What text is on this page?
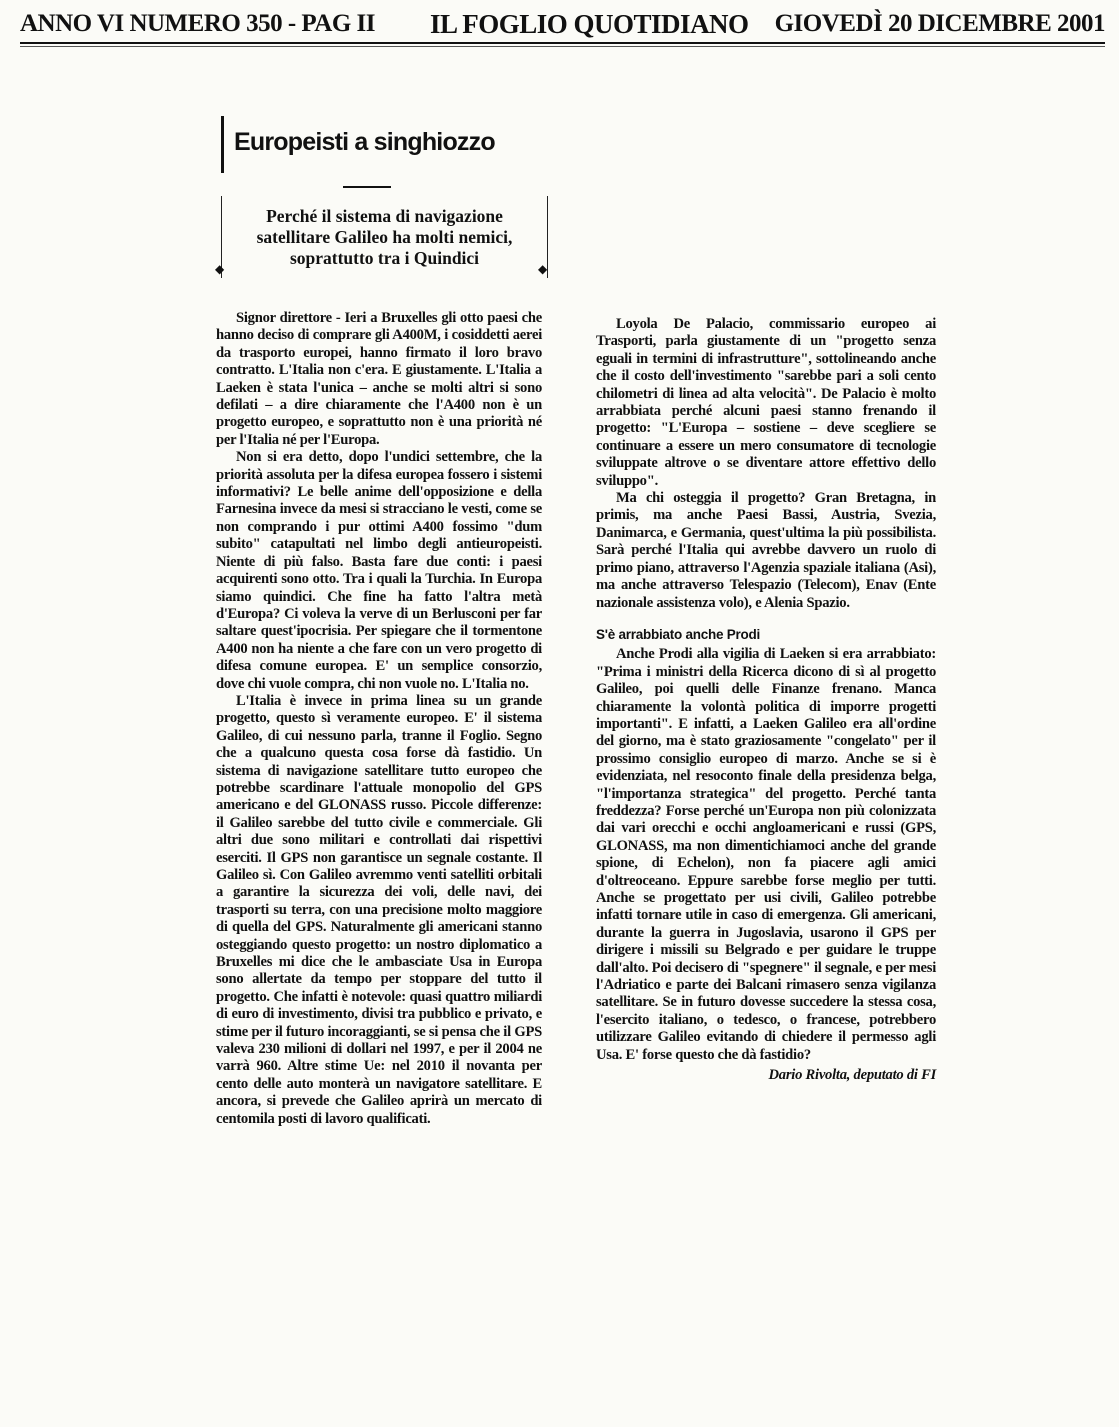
ANNO VI NUMERO 350 - PAG II IL FOGLIO QUOTIDIANO GIOVEDÌ 20 DICEMBRE 2001
Europeisti a singhiozzo

Perché il sistema di navigazione satellitare Galileo ha molti nemici, soprattutto tra i Quindici

◆	◆

Signor direttore - Ieri a Bruxelles gli otto paesi che hanno deciso di comprare gli A400M, i cosiddetti aerei da trasporto europei, hanno firmato il loro bravo contratto. L'Italia non c'era. E giustamente. L'Italia a Laeken è stata l'unica – anche se molti altri si sono defilati – a dire chiaramente che l'A400 non è un progetto europeo, e soprattutto non è una priorità né per l'Italia né per l'Europa.

Non si era detto, dopo l'undici settembre, che la priorità assoluta per la difesa europea fossero i sistemi informativi? Le belle anime dell'opposizione e della Farnesina invece da mesi si stracciano le vesti, come se non comprando i pur ottimi A400 fossimo "dum subito" catapultati nel limbo degli antieuropeisti. Niente di più falso. Basta fare due conti: i paesi acquirenti sono otto. Tra i quali la Turchia. In Europa siamo quindici. Che fine ha fatto l'altra metà d'Europa? Ci voleva la verve di un Berlusconi per far saltare quest'ipocrisia. Per spiegare che il tormentone A400 non ha niente a che fare con un vero progetto di difesa comune europea. E' un semplice consorzio, dove chi vuole compra, chi non vuole no. L'Italia no.

L'Italia è invece in prima linea su un grande progetto, questo sì veramente europeo. E' il sistema Galileo, di cui nessuno parla, tranne il Foglio. Segno che a qualcuno questa cosa forse dà fastidio. Un sistema di navigazione satellitare tutto europeo che potrebbe scardinare l'attuale monopolio del GPS americano e del GLONASS russo. Piccole differenze: il Galileo sarebbe del tutto civile e commerciale. Gli altri due sono militari e controllati dai rispettivi eserciti. Il GPS non garantisce un segnale costante. Il Galileo sì. Con Galileo avremmo venti satelliti orbitali a garantire la sicurezza dei voli, delle navi, dei trasporti su terra, con una precisione molto maggiore di quella del GPS. Naturalmente gli americani stanno osteggiando questo progetto: un nostro diplomatico a Bruxelles mi dice che le ambasciate Usa in Europa sono allertate da tempo per stoppare del tutto il progetto. Che infatti è notevole: quasi quattro miliardi di euro di investimento, divisi tra pubblico e privato, e stime per il futuro incoraggianti, se si pensa che il GPS valeva 230 milioni di dollari nel 1997, e per il 2004 ne varrà 960. Altre stime Ue: nel 2010 il novanta per cento delle auto monterà un navigatore satellitare. E ancora, si prevede che Galileo aprirà un mercato di centomila posti di lavoro qualificati.

Loyola De Palacio, commissario europeo ai Trasporti, parla giustamente di un "progetto senza eguali in termini di infrastrutture", sottolineando anche che il costo dell'investimento "sarebbe pari a soli cento chilometri di linea ad alta velocità". De Palacio è molto arrabbiata perché alcuni paesi stanno frenando il progetto: "L'Europa – sostiene – deve scegliere se continuare a essere un mero consumatore di tecnologie sviluppate altrove o se diventare attore effettivo dello sviluppo".

Ma chi osteggia il progetto? Gran Bretagna, in primis, ma anche Paesi Bassi, Austria, Svezia, Danimarca, e Germania, quest'ultima la più possibilista. Sarà perché l'Italia qui avrebbe davvero un ruolo di primo piano, attraverso l'Agenzia spaziale italiana (Asi), ma anche attraverso Telespazio (Telecom), Enav (Ente nazionale assistenza volo), e Alenia Spazio.

S'è arrabbiato anche Prodi

Anche Prodi alla vigilia di Laeken si era arrabbiato: "Prima i ministri della Ricerca dicono di sì al progetto Galileo, poi quelli delle Finanze frenano. Manca chiaramente la volontà politica di imporre progetti importanti". E infatti, a Laeken Galileo era all'ordine del giorno, ma è stato graziosamente "congelato" per il prossimo consiglio europeo di marzo. Anche se si è evidenziata, nel resoconto finale della presidenza belga, "l'importanza strategica" del progetto. Perché tanta freddezza? Forse perché un'Europa non più colonizzata dai vari orecchi e occhi angloamericani e russi (GPS, GLONASS, ma non dimentichiamoci anche del grande spione, di Echelon), non fa piacere agli amici d'oltreoceano. Eppure sarebbe forse meglio per tutti. Anche se progettato per usi civili, Galileo potrebbe infatti tornare utile in caso di emergenza. Gli americani, durante la guerra in Jugoslavia, usarono il GPS per dirigere i missili su Belgrado e per guidare le truppe dall'alto. Poi decisero di "spegnere" il segnale, e per mesi l'Adriatico e parte dei Balcani rimasero senza vigilanza satellitare. Se in futuro dovesse succedere la stessa cosa, l'esercito italiano, o tedesco, o francese, potrebbero utilizzare Galileo evitando di chiedere il permesso agli Usa. E' forse questo che dà fastidio?

Dario Rivolta, deputato di FI
